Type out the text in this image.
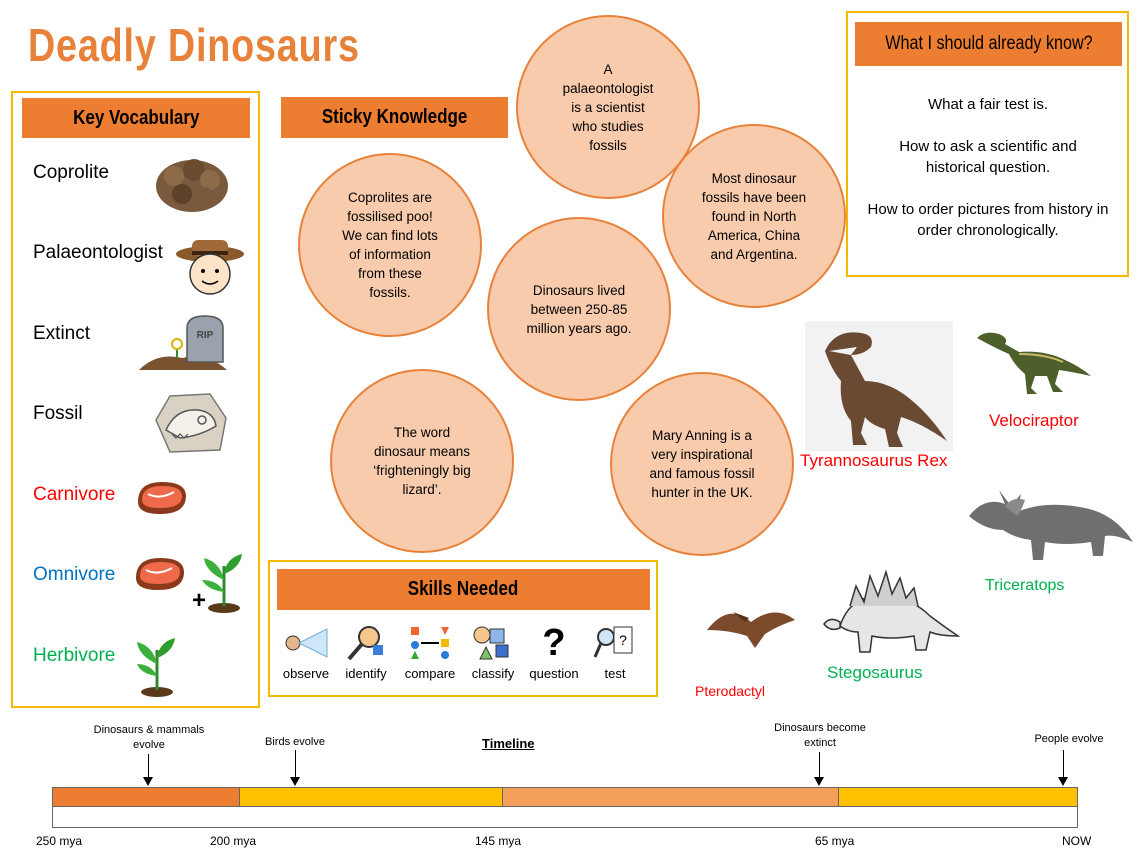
Deadly Dinosaurs
Key Vocabulary
Coprolite
Palaeontologist
Extinct
Fossil
Carnivore
Omnivore
Herbivore
RIP
+
Sticky Knowledge
A palaeontologist is a scientist who studies fossils
Coprolites are fossilised poo! We can find lots of information from these fossils.
Most dinosaur fossils have been found in North America, China and Argentina.
Dinosaurs lived between 250-85 million years ago.
The word dinosaur means ‘frighteningly big lizard’.
Mary Anning is a very inspirational and famous fossil hunter in the UK.
What I should already know?

What a fair test is.

How to ask a scientific and historical question.

How to order pictures from history in order chronologically.

Skills Needed
observe	identify	compare	classify
?
question
?
test
Tyrannosaurus Rex
Velociraptor
Triceratops
Stegosaurus
Pterodactyl
Timeline
Dinosaurs & mammals evolve	Birds evolve
Dinosaurs become extinct	People evolve
250 mya	200 mya	145 mya	65 mya	NOW
